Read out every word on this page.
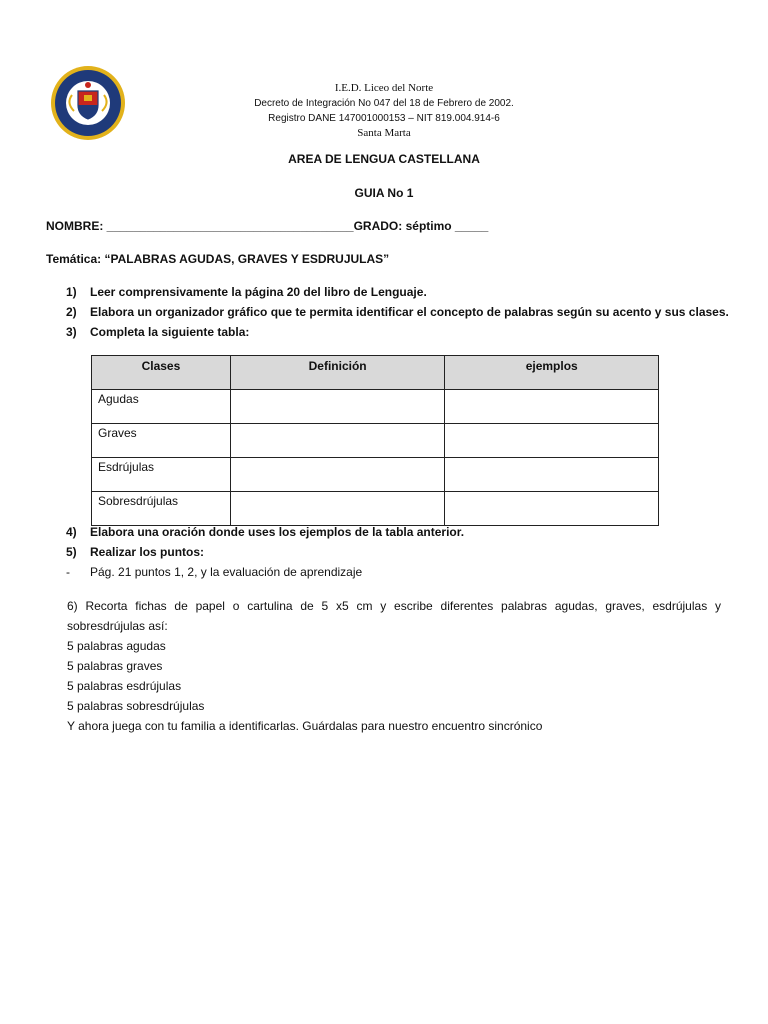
I.E.D. Liceo del Norte
Decreto de Integración No 047 del 18 de Febrero de 2002.
Registro DANE 147001000153 – NIT 819.004.914-6
Santa Marta
AREA DE LENGUA CASTELLANA
GUIA No 1
NOMBRE: _____________________________________GRADO: séptimo _____
Temática: “PALABRAS AGUDAS, GRAVES Y ESDRUJULAS”
1)	Leer comprensivamente la página 20 del libro de Lenguaje.
2)	Elabora un organizador gráfico que te permita identificar el concepto de palabras según su acento y sus clases.
3)	Completa la siguiente tabla:
Clases	Definición	ejemplos
Agudas		
Graves		
Esdrújulas		
Sobresdrújulas		
4)	Elabora una oración donde uses los ejemplos de la tabla anterior.
5)	Realizar los puntos:
-	Pág. 21 puntos 1, 2, y la evaluación de aprendizaje
6) Recorta fichas de papel o cartulina de 5 x5 cm y escribe diferentes palabras agudas, graves, esdrújulas y
sobresdrújulas así:
5 palabras agudas
5 palabras graves
5 palabras esdrújulas
5 palabras sobresdrújulas
Y ahora juega con tu familia a identificarlas. Guárdalas para nuestro encuentro sincrónico
